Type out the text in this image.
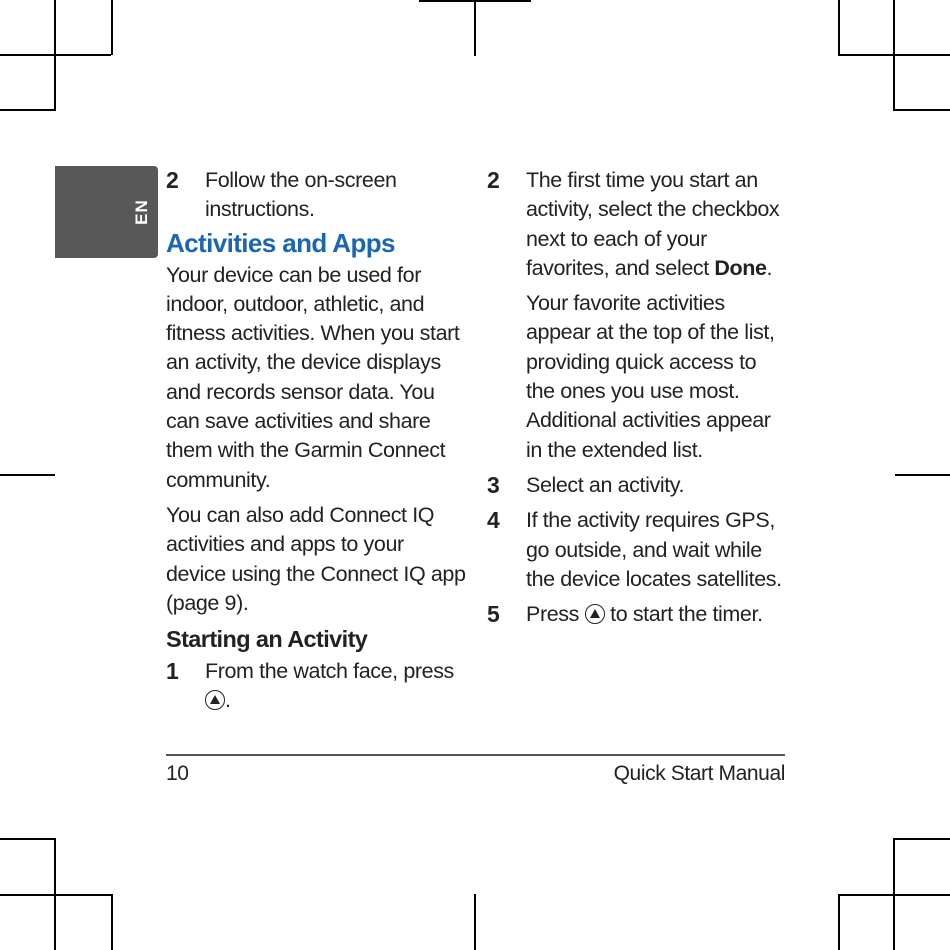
EN
2	Follow the on-screen instructions.

Activities and Apps

Your device can be used for indoor, outdoor, athletic, and fitness activities. When you start an activity, the device displays and records sensor data. You can save activities and share them with the Garmin Connect community.

You can also add Connect IQ activities and apps to your device using the Connect IQ app (page 9).

Starting an Activity
1	From the watch face, press
.

2	The first time you start an activity, select the checkbox next to each of your favorites, and select Done.

Your favorite activities appear at the top of the list, providing quick access to the ones you use most. Additional activities appear in the extended list.

3	Select an activity.

4	If the activity requires GPS, go outside, and wait while the device locates satellites.

5	Press to start the timer.

10	Quick Start Manual
